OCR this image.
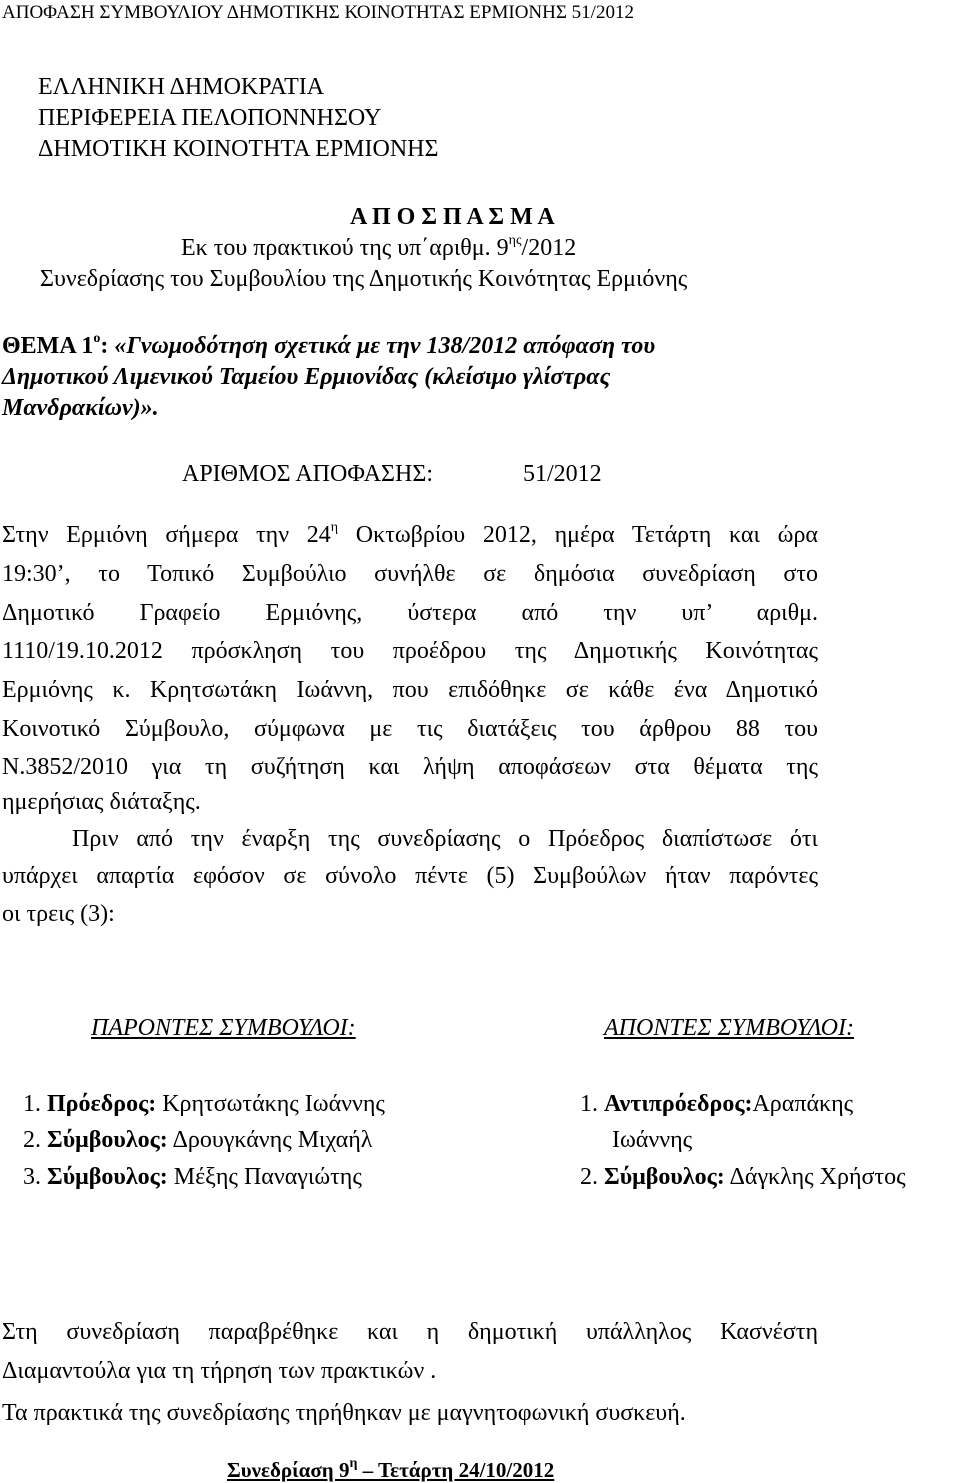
ΑΠΟΦΑΣΗ ΣΥΜΒΟΥΛΙΟΥ ΔΗΜΟΤΙΚΗΣ ΚΟΙΝΟΤΗΤΑΣ ΕΡΜΙΟΝΗΣ 51/2012
ΕΛΛΗΝΙΚΗ ΔΗΜΟΚΡΑΤΙΑ
ΠΕΡΙΦΕΡΕΙΑ ΠΕΛΟΠΟΝΝΗΣΟΥ
ΔΗΜΟΤΙΚΗ ΚΟΙΝΟΤΗΤΑ ΕΡΜΙΟΝΗΣ
Α Π Ο Σ Π Α Σ Μ Α
Εκ του πρακτικού της υπ΄αριθμ. $9^{\eta\varsigma}/2012$
Συνεδρίασης του Συμβουλίου της Δημοτικής Κοινότητας Ερμιόνης
ΘΕΜΑ $1^o$: «Γνωμοδότηση σχετικά με την 138/2012 απόφαση του
Δημοτικού Λιμενικού Ταμείου Ερμιονίδας (κλείσιμο γλίστρας
Μανδρακίων)».
ΑΡΙΘΜΟΣ ΑΠΟΦΑΣΗΣ:	51/2012
Στην Ερμιόνη σήμερα την $24^\eta$ Οκτωβρίου 2012, ημέρα Τετάρτη και ώρα
19:30’, το Τοπικό Συμβούλιο συνήλθε σε δημόσια συνεδρίαση στο
Δημοτικό Γραφείο Ερμιόνης, ύστερα από την υπ’ αριθμ.
1110/19.10.2012 πρόσκληση του προέδρου της Δημοτικής Κοινότητας
Ερμιόνης κ. Κρητσωτάκη Ιωάννη, που επιδόθηκε σε κάθε ένα Δημοτικό
Κοινοτικό Σύμβουλο, σύμφωνα με τις διατάξεις του άρθρου 88 του
Ν.3852/2010 για τη συζήτηση και λήψη αποφάσεων στα θέματα της
ημερήσιας διάταξης.
Πριν από την έναρξη της συνεδρίασης ο Πρόεδρος διαπίστωσε ότι
υπάρχει απαρτία εφόσον σε σύνολο πέντε (5) Συμβούλων ήταν παρόντες
οι τρεις (3):
ΠΑΡΟΝΤΕΣ ΣΥΜΒΟΥΛΟΙ:	ΑΠΟΝΤΕΣ ΣΥΜΒΟΥΛΟΙ:
1. Πρόεδρος: Κρητσωτάκης Ιωάννης
2. Σύμβουλος: Δρουγκάνης Μιχαήλ
3. Σύμβουλος: Μέξης Παναγιώτης
1. Αντιπρόεδρος:Αραπάκης
Ιωάννης
2. Σύμβουλος: Δάγκλης Χρήστος
Στη συνεδρίαση παραβρέθηκε και η δημοτική υπάλληλος Κασνέστη
Διαμαντούλα για τη τήρηση των πρακτικών .
Τα πρακτικά της συνεδρίασης τηρήθηκαν με μαγνητοφωνική συσκευή.
Συνεδρίαση $9^\eta$ – Τετάρτη 24/10/2012
